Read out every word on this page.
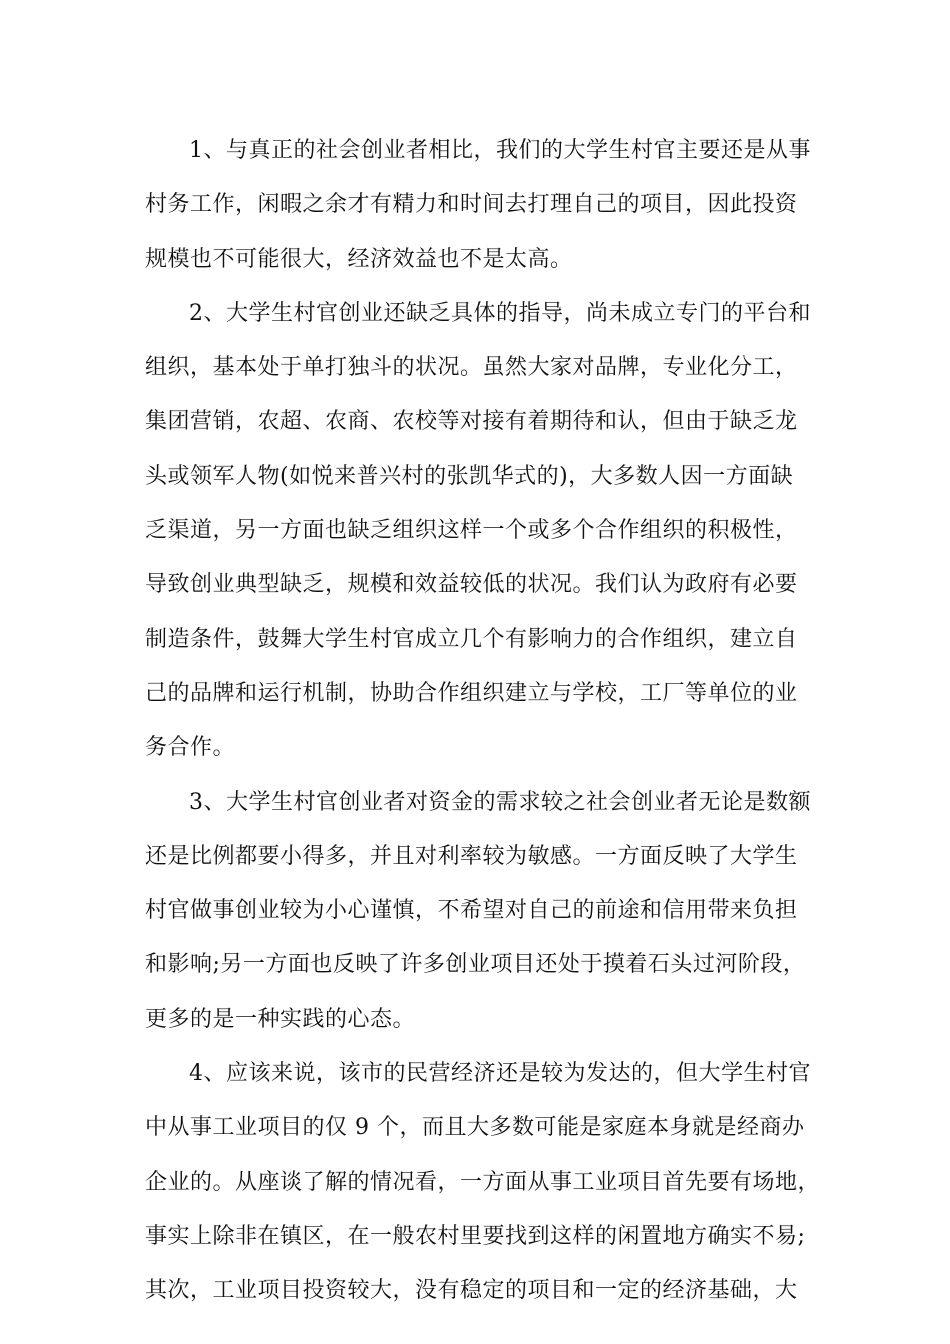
1、与真正的社会创业者相比，我们的大学生村官主要还是从事
村务工作，闲暇之余才有精力和时间去打理自己的项目，因此投资
规模也不可能很大，经济效益也不是太高。
2、大学生村官创业还缺乏具体的指导，尚未成立专门的平台和
组织，基本处于单打独斗的状况。虽然大家对品牌，专业化分工，
集团营销，农超、农商、农校等对接有着期待和认，但由于缺乏龙
头或领军人物(如悦来普兴村的张凯华式的)，大多数人因一方面缺
乏渠道，另一方面也缺乏组织这样一个或多个合作组织的积极性，
导致创业典型缺乏，规模和效益较低的状况。我们认为政府有必要
制造条件，鼓舞大学生村官成立几个有影响力的合作组织，建立自
己的品牌和运行机制，协助合作组织建立与学校，工厂等单位的业
务合作。
3、大学生村官创业者对资金的需求较之社会创业者无论是数额
还是比例都要小得多，并且对利率较为敏感。一方面反映了大学生
村官做事创业较为小心谨慎，不希望对自己的前途和信用带来负担
和影响;另一方面也反映了许多创业项目还处于摸着石头过河阶段，
更多的是一种实践的心态。
4、应该来说，该市的民营经济还是较为发达的，但大学生村官
中从事工业项目的仅 9 个，而且大多数可能是家庭本身就是经商办
企业的。从座谈了解的情况看，一方面从事工业项目首先要有场地，
事实上除非在镇区，在一般农村里要找到这样的闲置地方确实不易;
其次，工业项目投资较大，没有稳定的项目和一定的经济基础，大
